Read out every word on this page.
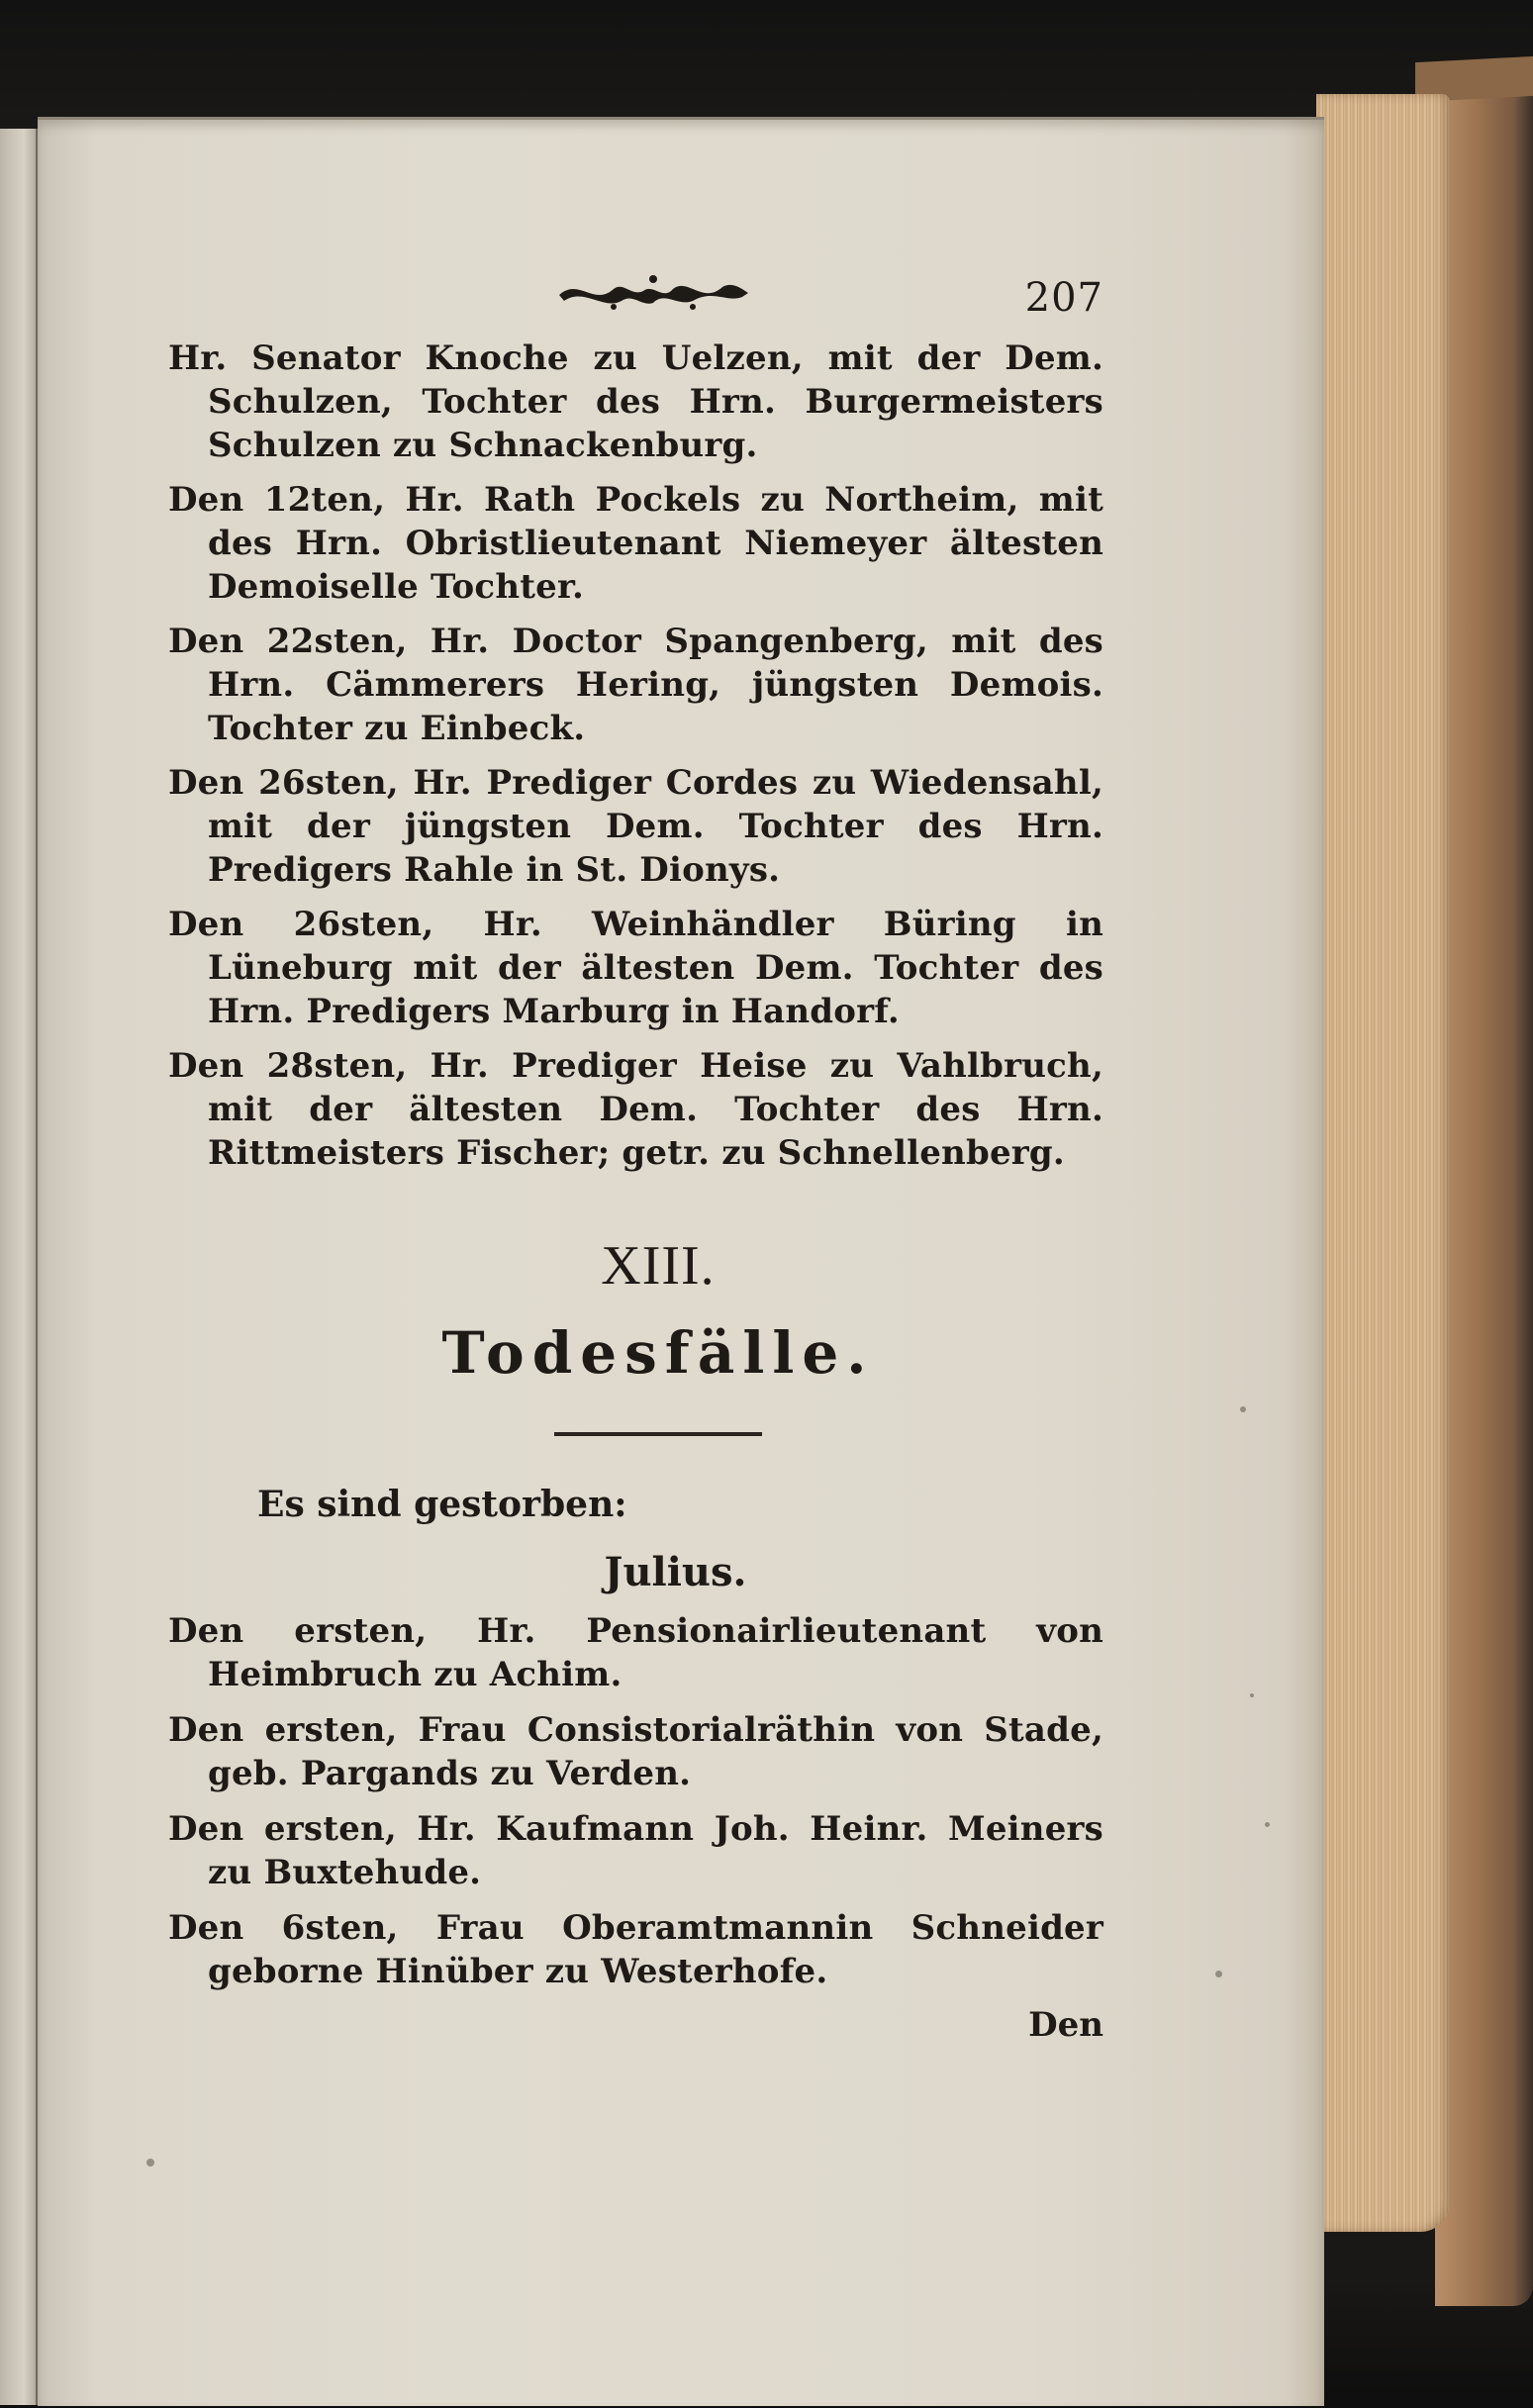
207

Hr. Senator Knoche zu Uelzen, mit der Dem. Schulzen, Tochter des Hrn. Burgermeisters Schulzen zu Schnackenburg.

Den 12ten, Hr. Rath Pockels zu Northeim, mit des Hrn. Obristlieutenant Niemeyer ältesten Demoiselle Tochter.

Den 22sten, Hr. Doctor Spangenberg, mit des Hrn. Cämmerers Hering, jüngsten Demois. Tochter zu Einbeck.

Den 26sten, Hr. Prediger Cordes zu Wiedensahl, mit der jüngsten Dem. Tochter des Hrn. Predigers Rahle in St. Dionys.

Den 26sten, Hr. Weinhändler Büring in Lüneburg mit der ältesten Dem. Tochter des Hrn. Predigers Marburg in Handorf.

Den 28sten, Hr. Prediger Heise zu Vahlbruch, mit der ältesten Dem. Tochter des Hrn. Rittmeisters Fischer; getr. zu Schnellenberg.

XIII.
Todesfälle.
Es sind gestorben:
Julius.

Den ersten, Hr. Pensionairlieutenant von Heimbruch zu Achim.

Den ersten, Frau Consistorialräthin von Stade, geb. Pargands zu Verden.

Den ersten, Hr. Kaufmann Joh. Heinr. Meiners zu Buxtehude.

Den 6sten, Frau Oberamtmannin Schneider geborne Hinüber zu Westerhofe.

Den
